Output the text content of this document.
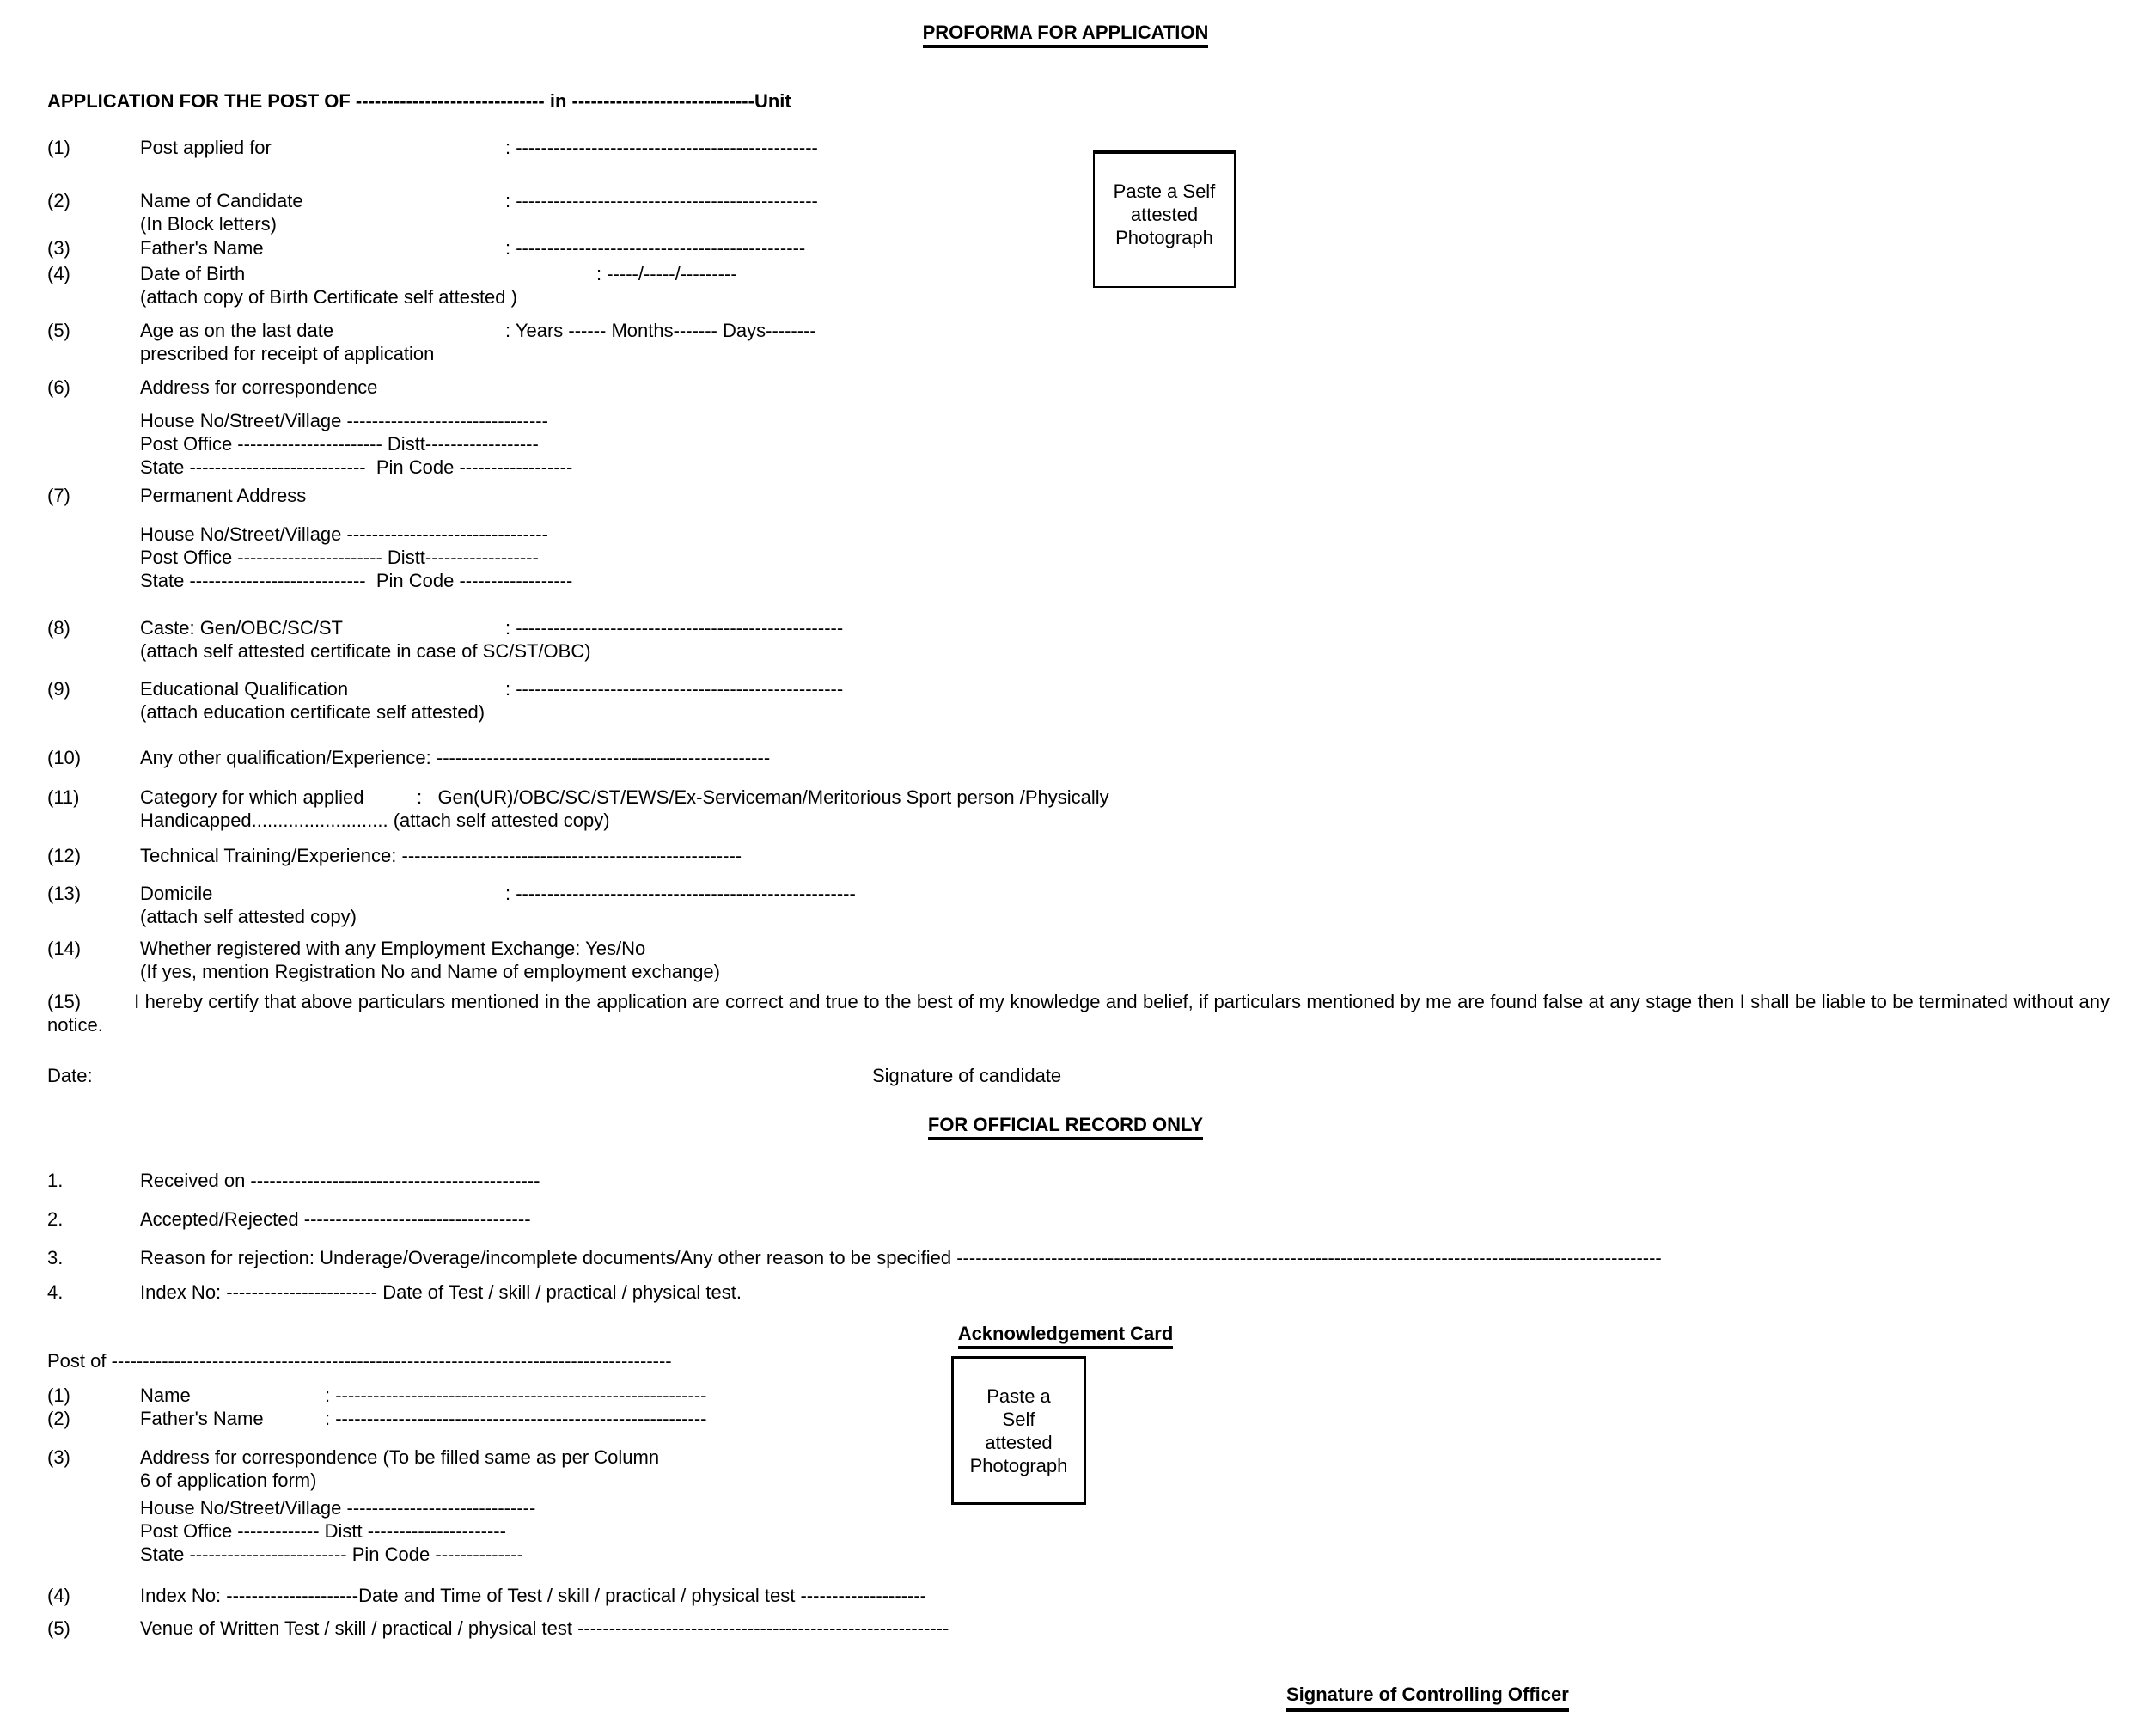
PROFORMA FOR APPLICATION
APPLICATION FOR THE POST OF ------------------------------ in -----------------------------Unit
Paste a Self
attested
Photograph
(1)	Post applied for	: ------------------------------------------------
(2)	Name of Candidate
(In Block letters)
: ------------------------------------------------
(3)	Father's Name	: ----------------------------------------------
(4)	Date of Birth	: -----/-----/---------
(attach copy of Birth Certificate self attested )
(5)	Age as on the last date
prescribed for receipt of application
: Years ------ Months------- Days--------
(6)	Address for correspondence
House No/Street/Village --------------------------------
Post Office ----------------------- Distt------------------
State ----------------------------  Pin Code ------------------
(7)	Permanent Address
House No/Street/Village --------------------------------
Post Office ----------------------- Distt------------------
State ----------------------------  Pin Code ------------------
(8)	Caste: Gen/OBC/SC/ST	: ----------------------------------------------------
(attach self attested certificate in case of SC/ST/OBC)
(9)	Educational Qualification	: ----------------------------------------------------
(attach education certificate self attested)
(10)	Any other qualification/Experience: -----------------------------------------------------
(11)	Category for which applied	:   Gen(UR)/OBC/SC/ST/EWS/Ex-Serviceman/Meritorious Sport person /Physically
Handicapped.......................... (attach self attested copy)
(12)	Technical Training/Experience: ------------------------------------------------------
(13)	Domicile	: ------------------------------------------------------
(attach self attested copy)
(14)	Whether registered with any Employment Exchange: Yes/No
(If yes, mention Registration No and Name of employment exchange)
(15)	I hereby certify that above particulars mentioned in the application are correct and true to the best of my knowledge and belief, if particulars mentioned by me are found false at any stage then I shall be liable to be terminated without any notice.
Date:	Signature of candidate
FOR OFFICIAL RECORD ONLY
1.	Received on ----------------------------------------------
2.	Accepted/Rejected ------------------------------------
3.	Reason for rejection: Underage/Overage/incomplete documents/Any other reason to be specified ----------------------------------------------------------------------------------------------------------------
4.	Index No: ------------------------ Date of Test / skill / practical / physical test.
Acknowledgement Card
Paste a
Self
attested
Photograph
Post of -----------------------------------------------------------------------------------------
(1)	Name	: -----------------------------------------------------------
(2)	Father's Name	: -----------------------------------------------------------
(3)	Address for correspondence (To be filled same as per Column
6 of application form)
House No/Street/Village ------------------------------
Post Office ------------- Distt ----------------------
State ------------------------- Pin Code --------------
(4)	Index No: ---------------------Date and Time of Test / skill / practical / physical test --------------------
(5)	Venue of Written Test / skill / practical / physical test -----------------------------------------------------------
Signature of Controlling Officer
